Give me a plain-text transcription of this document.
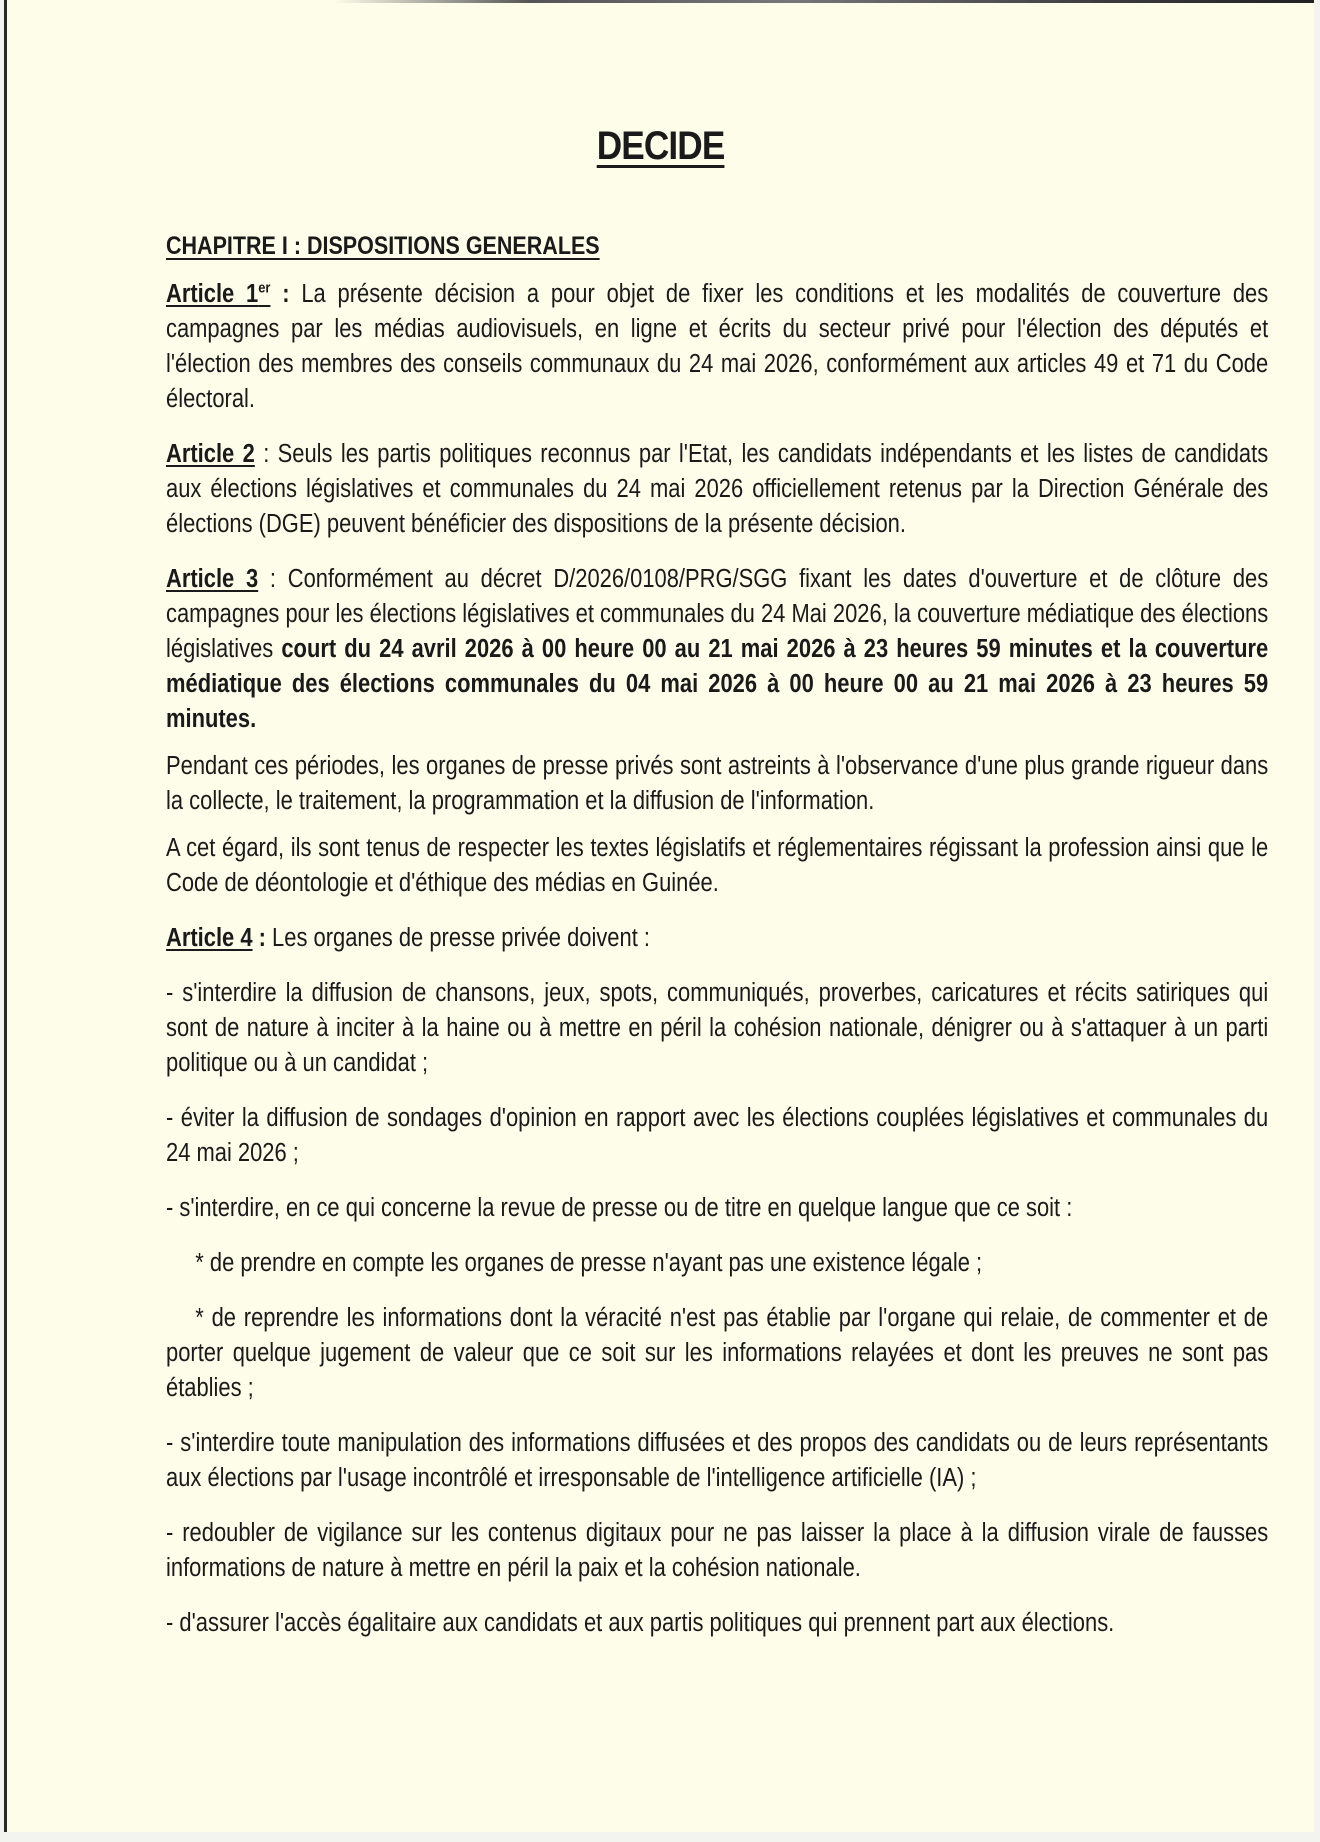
DECIDE
CHAPITRE I : DISPOSITIONS GENERALES

Article 1er : La présente décision a pour objet de fixer les conditions et les modalités de couverture des campagnes par les médias audiovisuels, en ligne et écrits du secteur privé pour l'élection des députés et l'élection des membres des conseils communaux du 24 mai 2026, conformément aux articles 49 et 71 du Code électoral.

Article 2 : Seuls les partis politiques reconnus par l'Etat, les candidats indépendants et les listes de candidats aux élections législatives et communales du 24 mai 2026 officiellement retenus par la Direction Générale des élections (DGE) peuvent bénéficier des dispositions de la présente décision.

Article 3 : Conformément au décret D/2026/0108/PRG/SGG fixant les dates d'ouverture et de clôture des campagnes pour les élections législatives et communales du 24 Mai 2026, la couverture médiatique des élections législatives court du 24 avril 2026 à 00 heure 00 au 21 mai 2026 à 23 heures 59 minutes et la couverture médiatique des élections communales du 04 mai 2026 à 00 heure 00 au 21 mai 2026 à 23 heures 59 minutes.

Pendant ces périodes, les organes de presse privés sont astreints à l'observance d'une plus grande rigueur dans la collecte, le traitement, la programmation et la diffusion de l'information.

A cet égard, ils sont tenus de respecter les textes législatifs et réglementaires régissant la profession ainsi que le Code de déontologie et d'éthique des médias en Guinée.

Article 4 : Les organes de presse privée doivent :

- s'interdire la diffusion de chansons, jeux, spots, communiqués, proverbes, caricatures et récits satiriques qui sont de nature à inciter à la haine ou à mettre en péril la cohésion nationale, dénigrer ou à s'attaquer à un parti politique ou à un candidat ;

- éviter la diffusion de sondages d'opinion en rapport avec les élections couplées législatives et communales du 24 mai 2026 ;

- s'interdire, en ce qui concerne la revue de presse ou de titre en quelque langue que ce soit :

* de prendre en compte les organes de presse n'ayant pas une existence légale ;

* de reprendre les informations dont la véracité n'est pas établie par l'organe qui relaie, de commenter et de porter quelque jugement de valeur que ce soit sur les informations relayées et dont les preuves ne sont pas établies ;

- s'interdire toute manipulation des informations diffusées et des propos des candidats ou de leurs représentants aux élections par l'usage incontrôlé et irresponsable de l'intelligence artificielle (IA) ;

- redoubler de vigilance sur les contenus digitaux pour ne pas laisser la place à la diffusion virale de fausses informations de nature à mettre en péril la paix et la cohésion nationale.

- d'assurer l'accès égalitaire aux candidats et aux partis politiques qui prennent part aux élections.
